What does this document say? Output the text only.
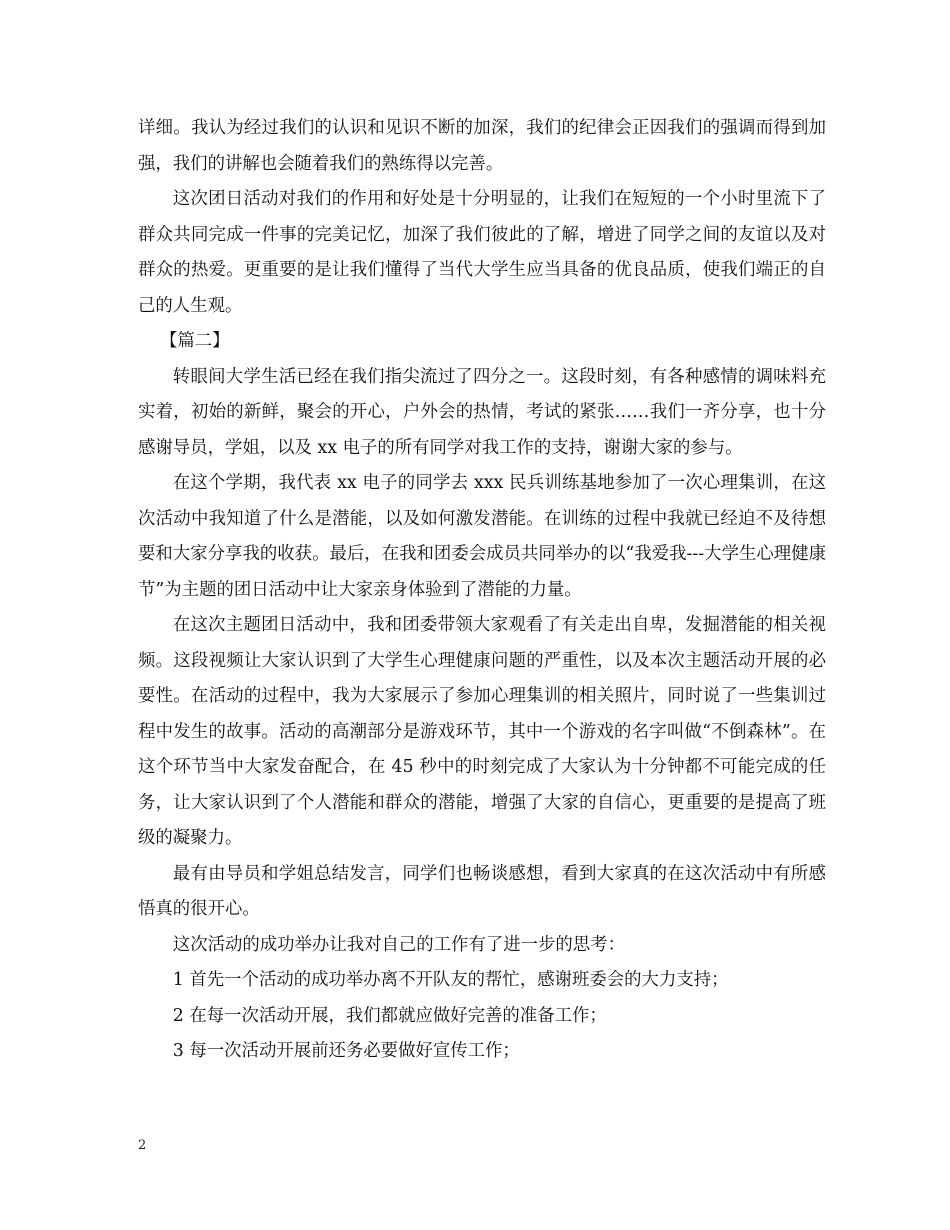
详细。我认为经过我们的认识和见识不断的加深，我们的纪律会正因我们的强调而得到加强，我们的讲解也会随着我们的熟练得以完善。

这次团日活动对我们的作用和好处是十分明显的，让我们在短短的一个小时里流下了群众共同完成一件事的完美记忆，加深了我们彼此的了解，增进了同学之间的友谊以及对群众的热爱。更重要的是让我们懂得了当代大学生应当具备的优良品质，使我们端正的自己的人生观。

【篇二】

转眼间大学生活已经在我们指尖流过了四分之一。这段时刻，有各种感情的调味料充实着，初始的新鲜，聚会的开心，户外会的热情，考试的紧张……我们一齐分享，也十分感谢导员，学姐，以及 xx 电子的所有同学对我工作的支持，谢谢大家的参与。

在这个学期，我代表 xx 电子的同学去 xxx 民兵训练基地参加了一次心理集训，在这次活动中我知道了什么是潜能，以及如何激发潜能。在训练的过程中我就已经迫不及待想要和大家分享我的收获。最后，在我和团委会成员共同举办的以“我爱我---大学生心理健康节”为主题的团日活动中让大家亲身体验到了潜能的力量。

在这次主题团日活动中，我和团委带领大家观看了有关走出自卑，发掘潜能的相关视频。这段视频让大家认识到了大学生心理健康问题的严重性，以及本次主题活动开展的必要性。在活动的过程中，我为大家展示了参加心理集训的相关照片，同时说了一些集训过程中发生的故事。活动的高潮部分是游戏环节，其中一个游戏的名字叫做“不倒森林”。在这个环节当中大家发奋配合，在 45 秒中的时刻完成了大家认为十分钟都不可能完成的任务，让大家认识到了个人潜能和群众的潜能，增强了大家的自信心，更重要的是提高了班级的凝聚力。

最有由导员和学姐总结发言，同学们也畅谈感想，看到大家真的在这次活动中有所感悟真的很开心。

这次活动的成功举办让我对自己的工作有了进一步的思考：

1 首先一个活动的成功举办离不开队友的帮忙，感谢班委会的大力支持；

2 在每一次活动开展，我们都就应做好完善的准备工作；

3 每一次活动开展前还务必要做好宣传工作；

2
